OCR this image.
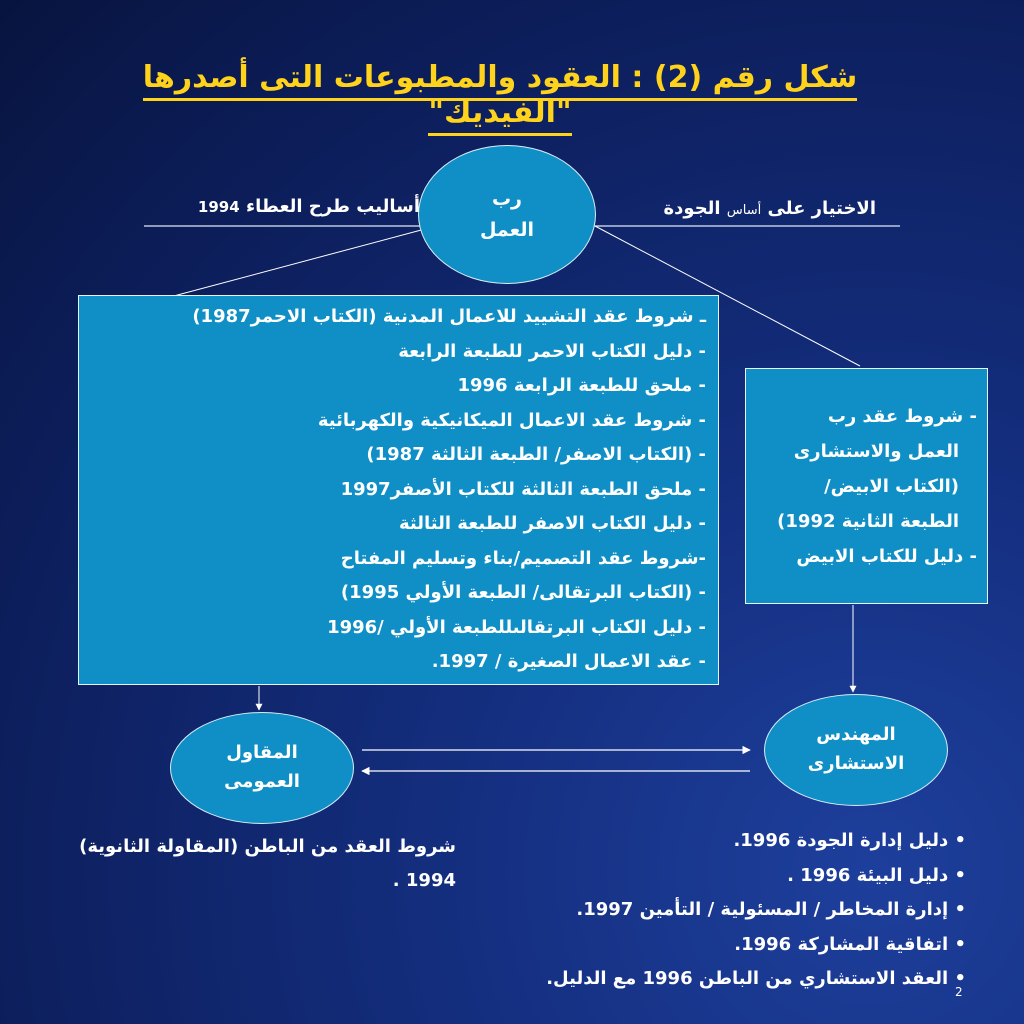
شكل رقم (2) : العقود والمطبوعات التى أصدرها "الفيديك"
رب
العمل
أساليب طرح العطاء 1994	الاختيار على أساس الجودة
ـ شروط عقد التشييد للاعمال المدنية (الكتاب الاحمر1987)
- دليل الكتاب الاحمر للطبعة الرابعة
- ملحق للطبعة الرابعة 1996
- شروط عقد الاعمال الميكانيكية والكهربائية
- (الكتاب الاصفر/ الطبعة الثالثة 1987)
- ملحق الطبعة الثالثة للكتاب الأصفر1997
- دليل الكتاب الاصفر للطبعة الثالثة
-شروط عقد التصميم/بناء وتسليم المفتاح
- (الكتاب البرتقالى/ الطبعة الأولي 1995)
- دليل الكتاب البرتقالىللطبعة الأولي /1996
- عقد الاعمال الصغيرة / 1997.
- شروط عقد رب
العمل والاستشارى
(الكتاب الابيض/
الطبعة الثانية 1992)
- دليل للكتاب الابيض
المقاول
العمومى
المهندس
الاستشارى
شروط العقد من الباطن (المقاولة الثانوية)
1994 .
• دليل إدارة الجودة 1996.
• دليل البيئة 1996 .
• إدارة المخاطر / المسئولية / التأمين 1997.
• اتفاقية المشاركة 1996.
• العقد الاستشاري من الباطن 1996 مع الدليل.
2
